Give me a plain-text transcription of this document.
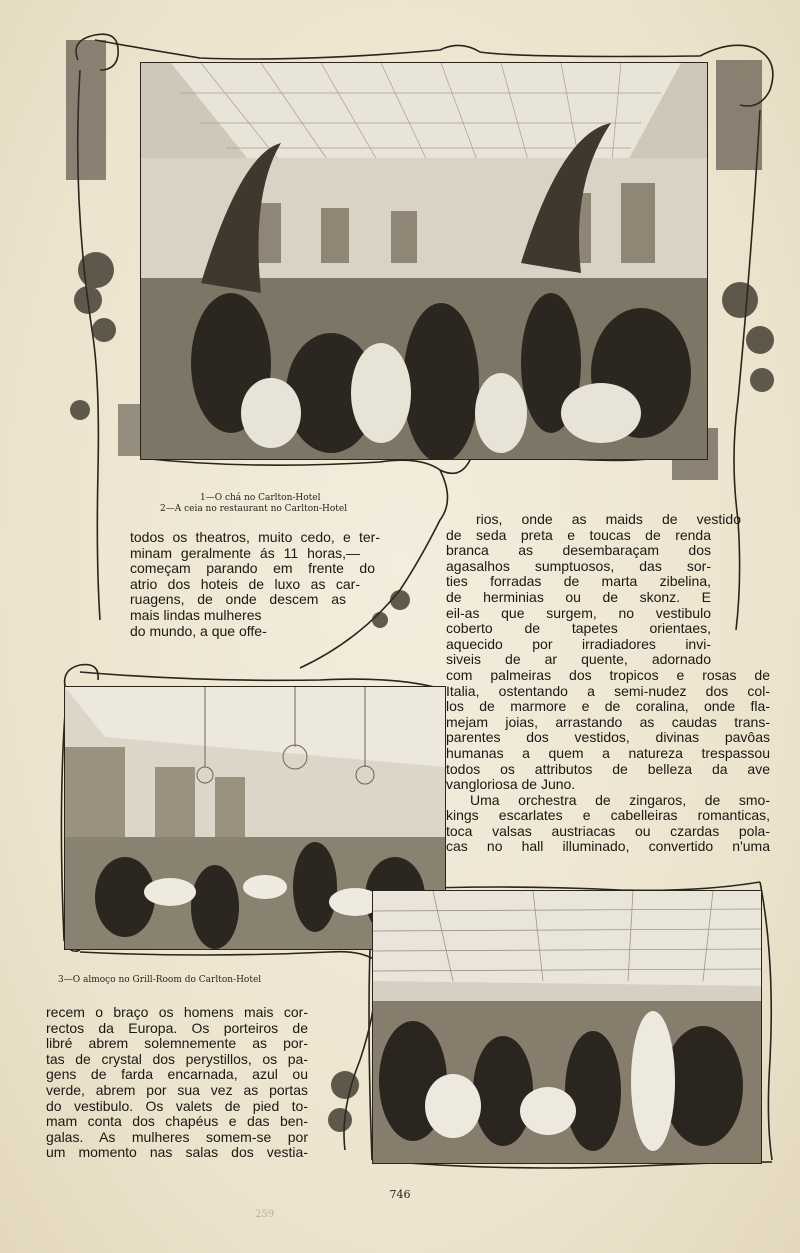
1—O chá no Carlton-Hotel
2—A ceia no restaurant no Carlton-Hotel
todos os theatros, muito cedo, e ter-
minam geralmente ás 11 horas,—
começam parando em frente do
atrio dos hoteis de luxo as car-
ruagens, de onde descem as
mais lindas mulheres
do mundo, a que offe-
rios, onde as maids de vestido
de seda preta e toucas de renda
branca as desembaraçam dos
agasalhos sumptuosos, das sor-
ties forradas de marta zibelina,
de herminias ou de skonz. E
eil-as que surgem, no vestibulo
coberto de tapetes orientaes,
aquecido por irradiadores invi-
siveis de ar quente, adornado
com palmeiras dos tropicos e rosas de
Italia, ostentando a semi-nudez dos col-
los de marmore e de coralina, onde fla-
mejam joias, arrastando as caudas trans-
parentes dos vestidos, divinas pavôas
humanas a quem a natureza trespassou
todos os attributos de belleza da ave
vangloriosa de Juno.
Uma orchestra de zingaros, de smo-
kings escarlates e cabelleiras romanticas,
toca valsas austriacas ou czardas pola-
cas no hall illuminado, convertido n'uma
3—O almoço no Grill-Room do Carlton-Hotel
recem o braço os homens mais cor-
rectos da Europa. Os porteiros de
libré abrem solemnemente as por-
tas de crystal dos perystillos, os pa-
gens de farda encarnada, azul ou
verde, abrem por sua vez as portas
do vestibulo. Os valets de pied to-
mam conta dos chapéus e das ben-
galas. As mulheres somem-se por
um momento nas salas dos vestia-
746
259
